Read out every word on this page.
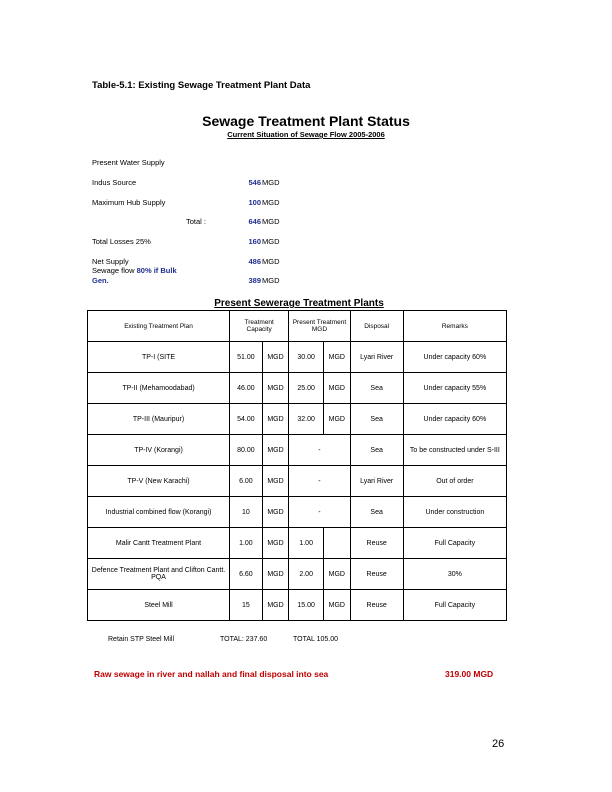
Table-5.1: Existing Sewage Treatment Plant Data
Sewage Treatment Plant Status
Current Situation of Sewage Flow 2005-2006
Present Water Supply
Indus Source	546 MGD
Maximum Hub Supply	100 MGD
Total :	646 MGD
Total Losses 25%	160 MGD
Net Supply	486 MGD
Sewage flow 80% if Bulk
Gen.	389 MGD
Present Sewerage Treatment Plants
Existing Treatment Plan	Treatment Capacity		Present Treatment MGD		Disposal	Remarks
TP-I (SITE	51.00	MGD	30.00	MGD	Lyari River	Under capacity 60%
TP-II (Mehamoodabad)	46.00	MGD	25.00	MGD	Sea	Under capacity 55%
TP-III (Mauripur)	54.00	MGD	32.00	MGD	Sea	Under capacity 60%
TP-IV (Korangi)	80.00	MGD	-		Sea	To be constructed under S-III
TP-V (New Karachi)	6.00	MGD	-		Lyari River	Out of order
Industrial combined flow (Korangi)	10	MGD	-		Sea	Under construction
Malir Cantt Treatment Plant	1.00	MGD	1.00		Reuse	Full Capacity
Defence Treatment Plant and Clifton Cantt. PQA	6.60	MGD	2.00	MGD	Reuse	30%
Steel Mill	15	MGD	15.00	MGD	Reuse	Full Capacity
Retain STP Steel Mill	TOTAL: 237.60	TOTAL 105.00
Raw sewage in river and nallah and final disposal into sea	319.00 MGD
26
